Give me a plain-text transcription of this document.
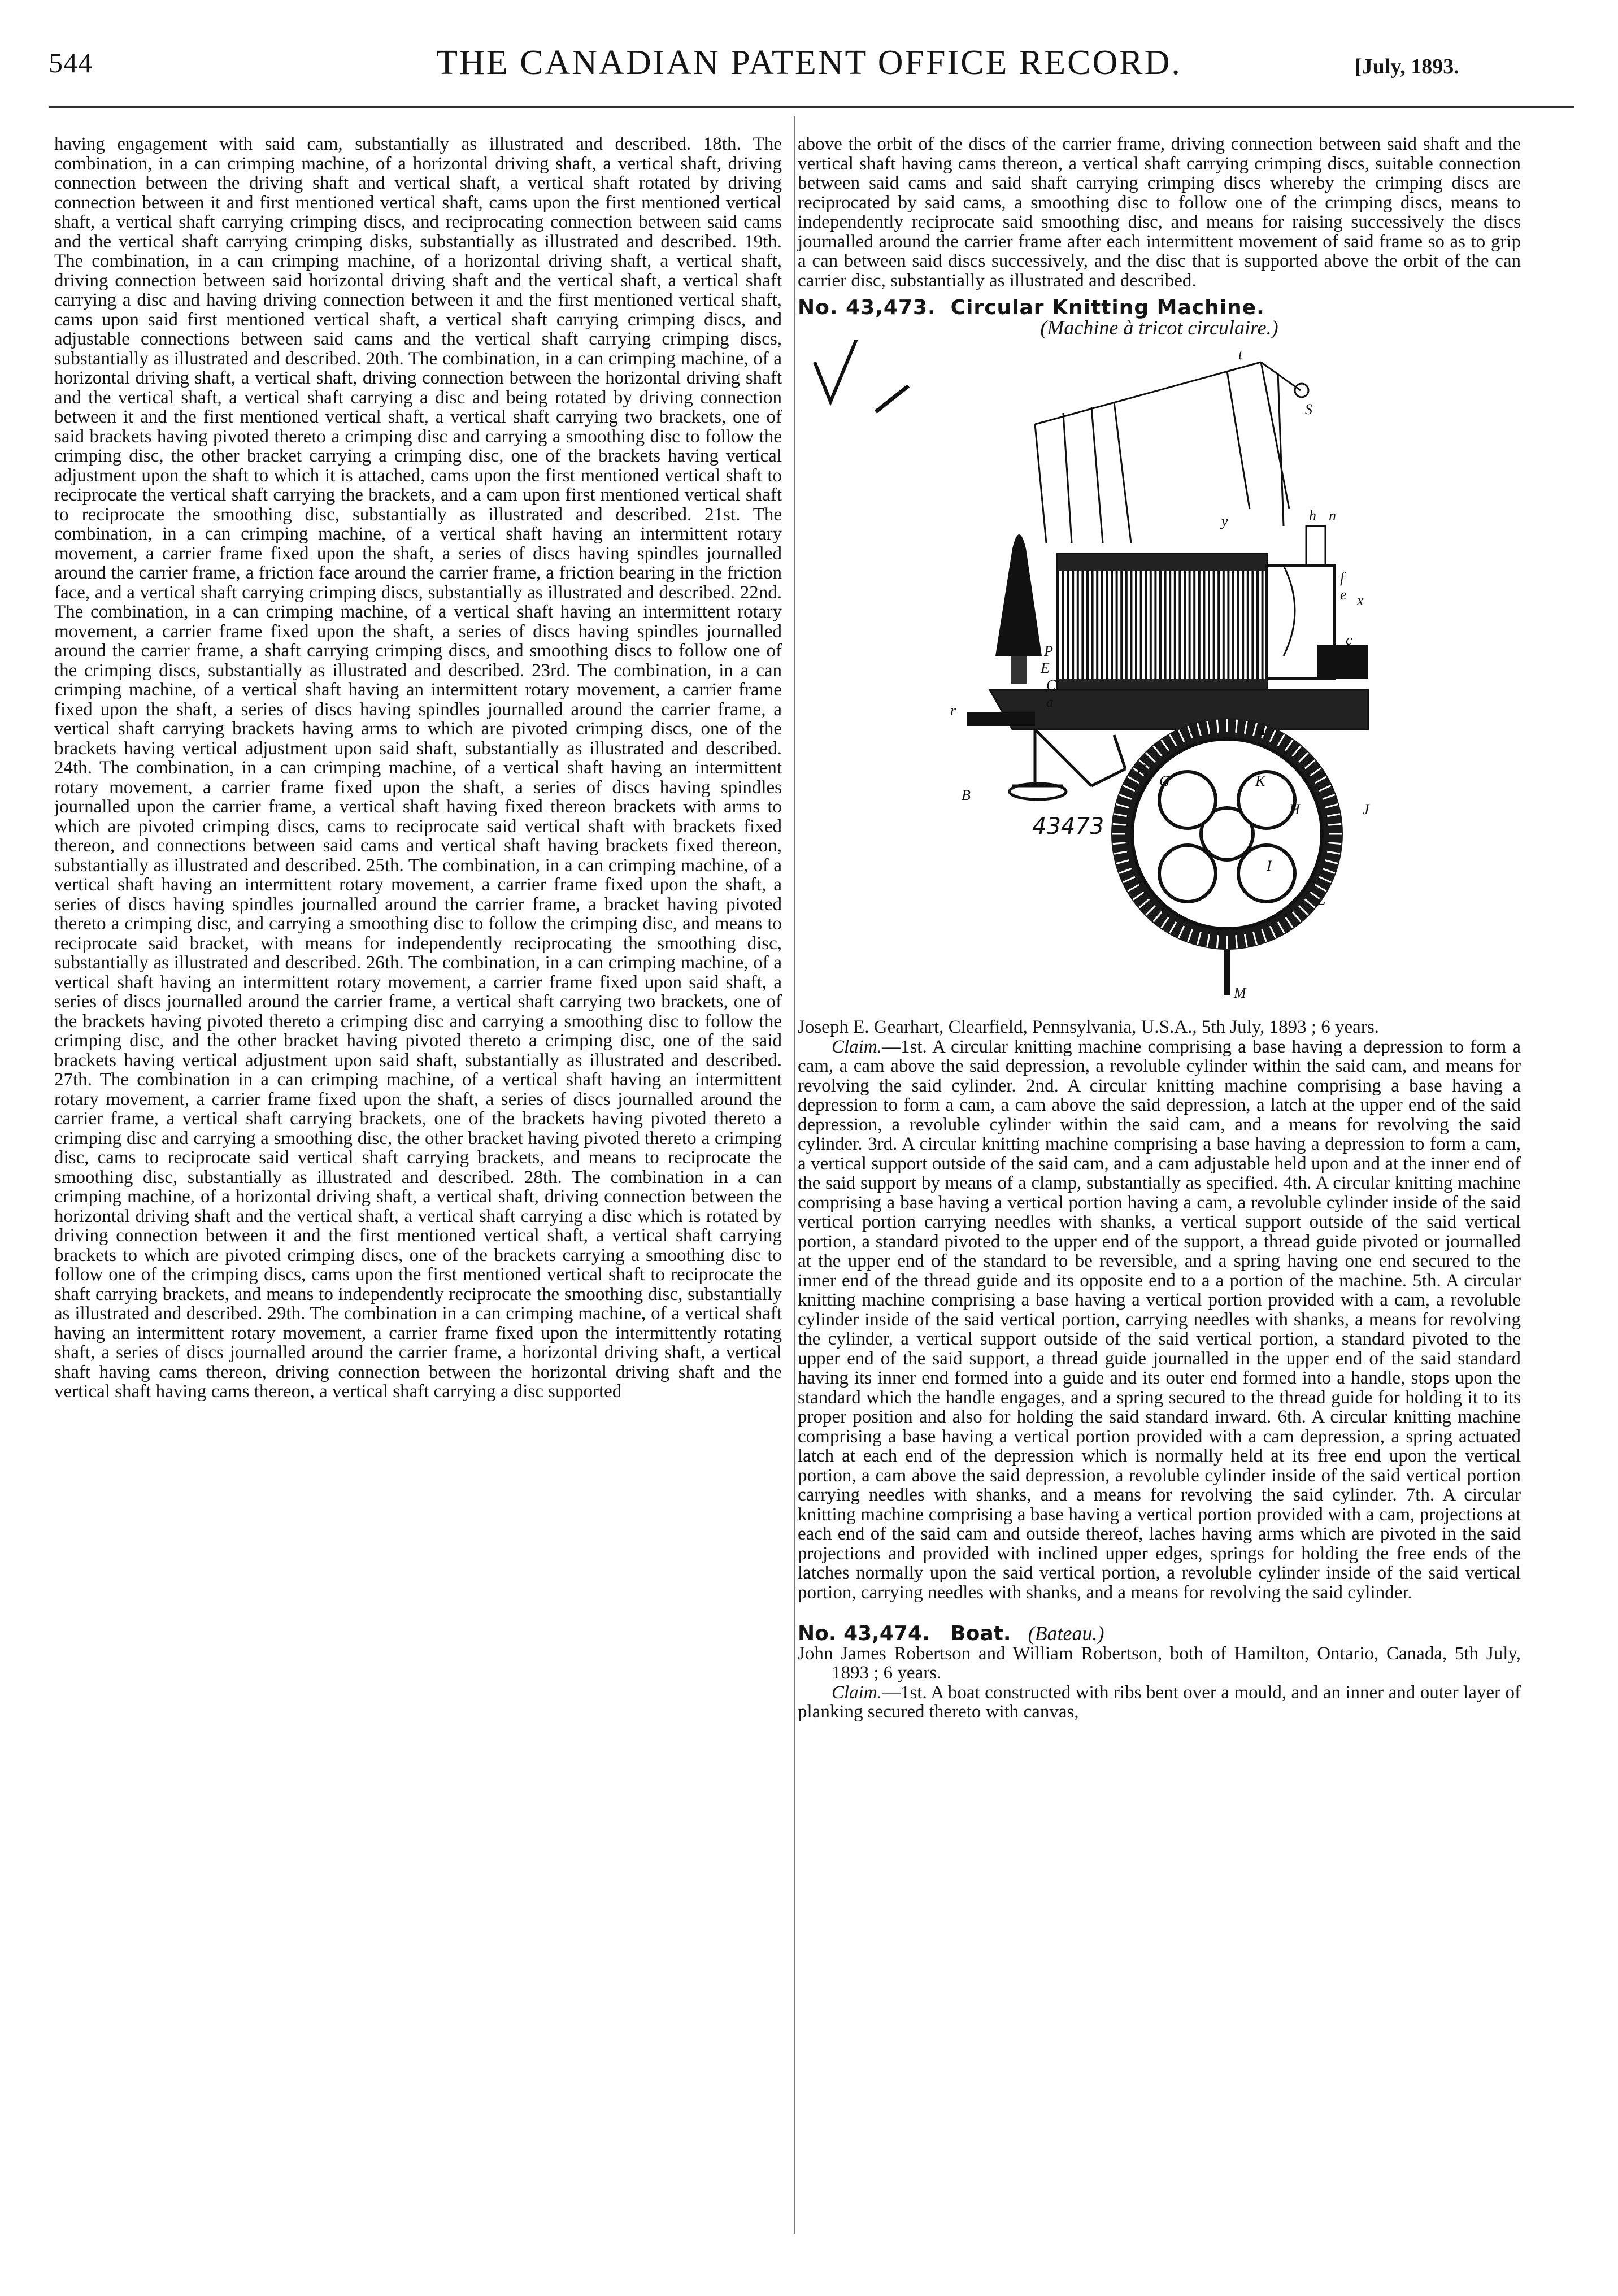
544	THE CANADIAN PATENT OFFICE RECORD.	[July, 1893.

having engagement with said cam, substantially as illustrated and described. 18th. The combination, in a can crimping machine, of a horizontal driving shaft, a vertical shaft, driving connection between the driving shaft and vertical shaft, a vertical shaft rotated by driving connection between it and first mentioned vertical shaft, cams upon the first mentioned vertical shaft, a vertical shaft carrying crimping discs, and reciprocating connection between said cams and the vertical shaft carrying crimping disks, substantially as illustrated and described. 19th. The combination, in a can crimping machine, of a horizontal driving shaft, a vertical shaft, driving connection between said horizontal driving shaft and the vertical shaft, a vertical shaft carrying a disc and having driving connection between it and the first mentioned vertical shaft, cams upon said first mentioned vertical shaft, a vertical shaft carrying crimping discs, and adjustable connections between said cams and the vertical shaft carrying crimping discs, substantially as illustrated and described. 20th. The combination, in a can crimping machine, of a horizontal driving shaft, a vertical shaft, driving connection between the horizontal driving shaft and the vertical shaft, a vertical shaft carrying a disc and being rotated by driving connection between it and the first mentioned vertical shaft, a vertical shaft carrying two brackets, one of said brackets having pivoted thereto a crimping disc and carrying a smoothing disc to follow the crimping disc, the other bracket carrying a crimping disc, one of the brackets having vertical adjustment upon the shaft to which it is attached, cams upon the first mentioned vertical shaft to reciprocate the vertical shaft carrying the brackets, and a cam upon first mentioned vertical shaft to reciprocate the smoothing disc, substantially as illustrated and described. 21st. The combination, in a can crimping machine, of a vertical shaft having an intermittent rotary movement, a carrier frame fixed upon the shaft, a series of discs having spindles journalled around the carrier frame, a friction face around the carrier frame, a friction bearing in the friction face, and a vertical shaft carrying crimping discs, substantially as illustrated and described. 22nd. The combination, in a can crimping machine, of a vertical shaft having an intermittent rotary movement, a carrier frame fixed upon the shaft, a series of discs having spindles journalled around the carrier frame, a shaft carrying crimping discs, and smoothing discs to follow one of the crimping discs, substantially as illustrated and described. 23rd. The combination, in a can crimping machine, of a vertical shaft having an intermittent rotary movement, a carrier frame fixed upon the shaft, a series of discs having spindles journalled around the carrier frame, a vertical shaft carrying brackets having arms to which are pivoted crimping discs, one of the brackets having vertical adjustment upon said shaft, substantially as illustrated and described. 24th. The combination, in a can crimping machine, of a vertical shaft having an intermittent rotary movement, a carrier frame fixed upon the shaft, a series of discs having spindles journalled upon the carrier frame, a vertical shaft having fixed thereon brackets with arms to which are pivoted crimping discs, cams to reciprocate said vertical shaft with brackets fixed thereon, and connections between said cams and vertical shaft having brackets fixed thereon, substantially as illustrated and described. 25th. The combination, in a can crimping machine, of a vertical shaft having an intermittent rotary movement, a carrier frame fixed upon the shaft, a series of discs having spindles journalled around the carrier frame, a bracket having pivoted thereto a crimping disc, and carrying a smoothing disc to follow the crimping disc, and means to reciprocate said bracket, with means for independently reciprocating the smoothing disc, substantially as illustrated and described. 26th. The combination, in a can crimping machine, of a vertical shaft having an intermittent rotary movement, a carrier frame fixed upon said shaft, a series of discs journalled around the carrier frame, a vertical shaft carrying two brackets, one of the brackets having pivoted thereto a crimping disc and carrying a smoothing disc to follow the crimping disc, and the other bracket having pivoted thereto a crimping disc, one of the said brackets having vertical adjustment upon said shaft, substantially as illustrated and described. 27th. The combination in a can crimping machine, of a vertical shaft having an intermittent rotary movement, a carrier frame fixed upon the shaft, a series of discs journalled around the carrier frame, a vertical shaft carrying brackets, one of the brackets having pivoted thereto a crimping disc and carrying a smoothing disc, the other bracket having pivoted thereto a crimping disc, cams to reciprocate said vertical shaft carrying brackets, and means to reciprocate the smoothing disc, substantially as illustrated and described. 28th. The combination in a can crimping machine, of a horizontal driving shaft, a vertical shaft, driving connection between the horizontal driving shaft and the vertical shaft, a vertical shaft carrying a disc which is rotated by driving connection between it and the first mentioned vertical shaft, a vertical shaft carrying brackets to which are pivoted crimping discs, one of the brackets carrying a smoothing disc to follow one of the crimping discs, cams upon the first mentioned vertical shaft to reciprocate the shaft carrying brackets, and means to independently reciprocate the smoothing disc, substantially as illustrated and described. 29th. The combination in a can crimping machine, of a vertical shaft having an intermittent rotary movement, a carrier frame fixed upon the intermittently rotating shaft, a series of discs journalled around the carrier frame, a horizontal driving shaft, a vertical shaft having cams thereon, driving connection between the horizontal driving shaft and the vertical shaft having cams thereon, a vertical shaft carrying a disc supported

above the orbit of the discs of the carrier frame, driving connection between said shaft and the vertical shaft having cams thereon, a vertical shaft carrying crimping discs, suitable connection between said cams and said shaft carrying crimping discs whereby the crimping discs are reciprocated by said cams, a smoothing disc to follow one of the crimping discs, means to independently reciprocate said smoothing disc, and means for raising successively the discs journalled around the carrier frame after each intermittent movement of said frame so as to grip a can between said discs successively, and the disc that is supported above the orbit of the can carrier disc, substantially as illustrated and described.

No. 43,473. Circular Knitting Machine.

(Machine à tricot circulaire.)

43473
t
S
h n
y
x
f
e
E
C
P
a
r
R
H
B
J
L
M
A
F
G	K
I
c

Joseph E. Gearhart, Clearfield, Pennsylvania, U.S.A., 5th July, 1893 ; 6 years.

Claim.—1st. A circular knitting machine comprising a base having a depression to form a cam, a cam above the said depression, a revoluble cylinder within the said cam, and means for revolving the said cylinder. 2nd. A circular knitting machine comprising a base having a depression to form a cam, a cam above the said depression, a latch at the upper end of the said depression, a revoluble cylinder within the said cam, and a means for revolving the said cylinder. 3rd. A circular knitting machine comprising a base having a depression to form a cam, a vertical support outside of the said cam, and a cam adjustable held upon and at the inner end of the said support by means of a clamp, substantially as specified. 4th. A circular knitting machine comprising a base having a vertical portion having a cam, a revoluble cylinder inside of the said vertical portion carrying needles with shanks, a vertical support outside of the said vertical portion, a standard pivoted to the upper end of the support, a thread guide pivoted or journalled at the upper end of the standard to be reversible, and a spring having one end secured to the inner end of the thread guide and its opposite end to a a portion of the machine. 5th. A circular knitting machine comprising a base having a vertical portion provided with a cam, a revoluble cylinder inside of the said vertical portion, carrying needles with shanks, a means for revolving the cylinder, a vertical support outside of the said vertical portion, a standard pivoted to the upper end of the said support, a thread guide journalled in the upper end of the said standard having its inner end formed into a guide and its outer end formed into a handle, stops upon the standard which the handle engages, and a spring secured to the thread guide for holding it to its proper position and also for holding the said standard inward. 6th. A circular knitting machine comprising a base having a vertical portion provided with a cam depression, a spring actuated latch at each end of the depression which is normally held at its free end upon the vertical portion, a cam above the said depression, a revoluble cylinder inside of the said vertical portion carrying needles with shanks, and a means for revolving the said cylinder. 7th. A circular knitting machine comprising a base having a vertical portion provided with a cam, projections at each end of the said cam and outside thereof, laches having arms which are pivoted in the said projections and provided with inclined upper edges, springs for holding the free ends of the latches normally upon the said vertical portion, a revoluble cylinder inside of the said vertical portion, carrying needles with shanks, and a means for revolving the said cylinder.

No. 43,474. Boat. (Bateau.)

John James Robertson and William Robertson, both of Hamilton, Ontario, Canada, 5th July, 1893 ; 6 years.

Claim.—1st. A boat constructed with ribs bent over a mould, and an inner and outer layer of planking secured thereto with canvas,
